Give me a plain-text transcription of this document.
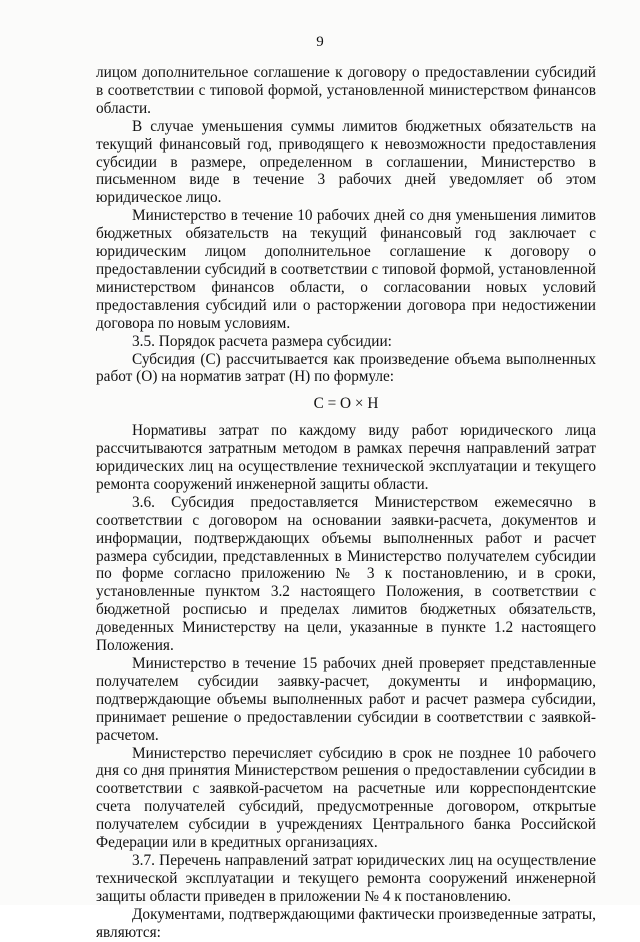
9

лицом дополнительное соглашение к договору о предоставлении субсидий в соответствии с типовой формой, установленной министерством финансов области.

В случае уменьшения суммы лимитов бюджетных обязательств на текущий финансовый год, приводящего к невозможности предоставления субсидии в размере, определенном в соглашении, Министерство в письменном виде в течение 3 рабочих дней уведомляет об этом юридическое лицо.

Министерство в течение 10 рабочих дней со дня уменьшения лимитов бюджетных обязательств на текущий финансовый год заключает с юридическим лицом дополнительное соглашение к договору о предоставлении субсидий в соответствии с типовой формой, установленной министерством финансов области, о согласовании новых условий предоставления субсидий или о расторжении договора при недостижении договора по новым условиям.

3.5. Порядок расчета размера субсидии:

Субсидия (С) рассчитывается как произведение объема выполненных работ (О) на норматив затрат (Н) по формуле:

С = О × Н

Нормативы затрат по каждому виду работ юридического лица рассчитываются затратным методом в рамках перечня направлений затрат юридических лиц на осуществление технической эксплуатации и текущего ремонта сооружений инженерной защиты области.

3.6. Субсидия предоставляется Министерством ежемесячно в соответствии с договором на основании заявки-расчета, документов и информации, подтверждающих объемы выполненных работ и расчет размера субсидии, представленных в Министерство получателем субсидии по форме согласно приложению № 3 к постановлению, и в сроки, установленные пунктом 3.2 настоящего Положения, в соответствии с бюджетной росписью и пределах лимитов бюджетных обязательств, доведенных Министерству на цели, указанные в пункте 1.2 настоящего Положения.

Министерство в течение 15 рабочих дней проверяет представленные получателем субсидии заявку-расчет, документы и информацию, подтверждающие объемы выполненных работ и расчет размера субсидии, принимает решение о предоставлении субсидии в соответствии с заявкой-расчетом.

Министерство перечисляет субсидию в срок не позднее 10 рабочего дня со дня принятия Министерством решения о предоставлении субсидии в соответствии с заявкой-расчетом на расчетные или корреспондентские счета получателей субсидий, предусмотренные договором, открытые получателем субсидии в учреждениях Центрального банка Российской Федерации или в кредитных организациях.

3.7. Перечень направлений затрат юридических лиц на осуществление технической эксплуатации и текущего ремонта сооружений инженерной защиты области приведен в приложении № 4 к постановлению.

Документами, подтверждающими фактически произведенные затраты, являются:
